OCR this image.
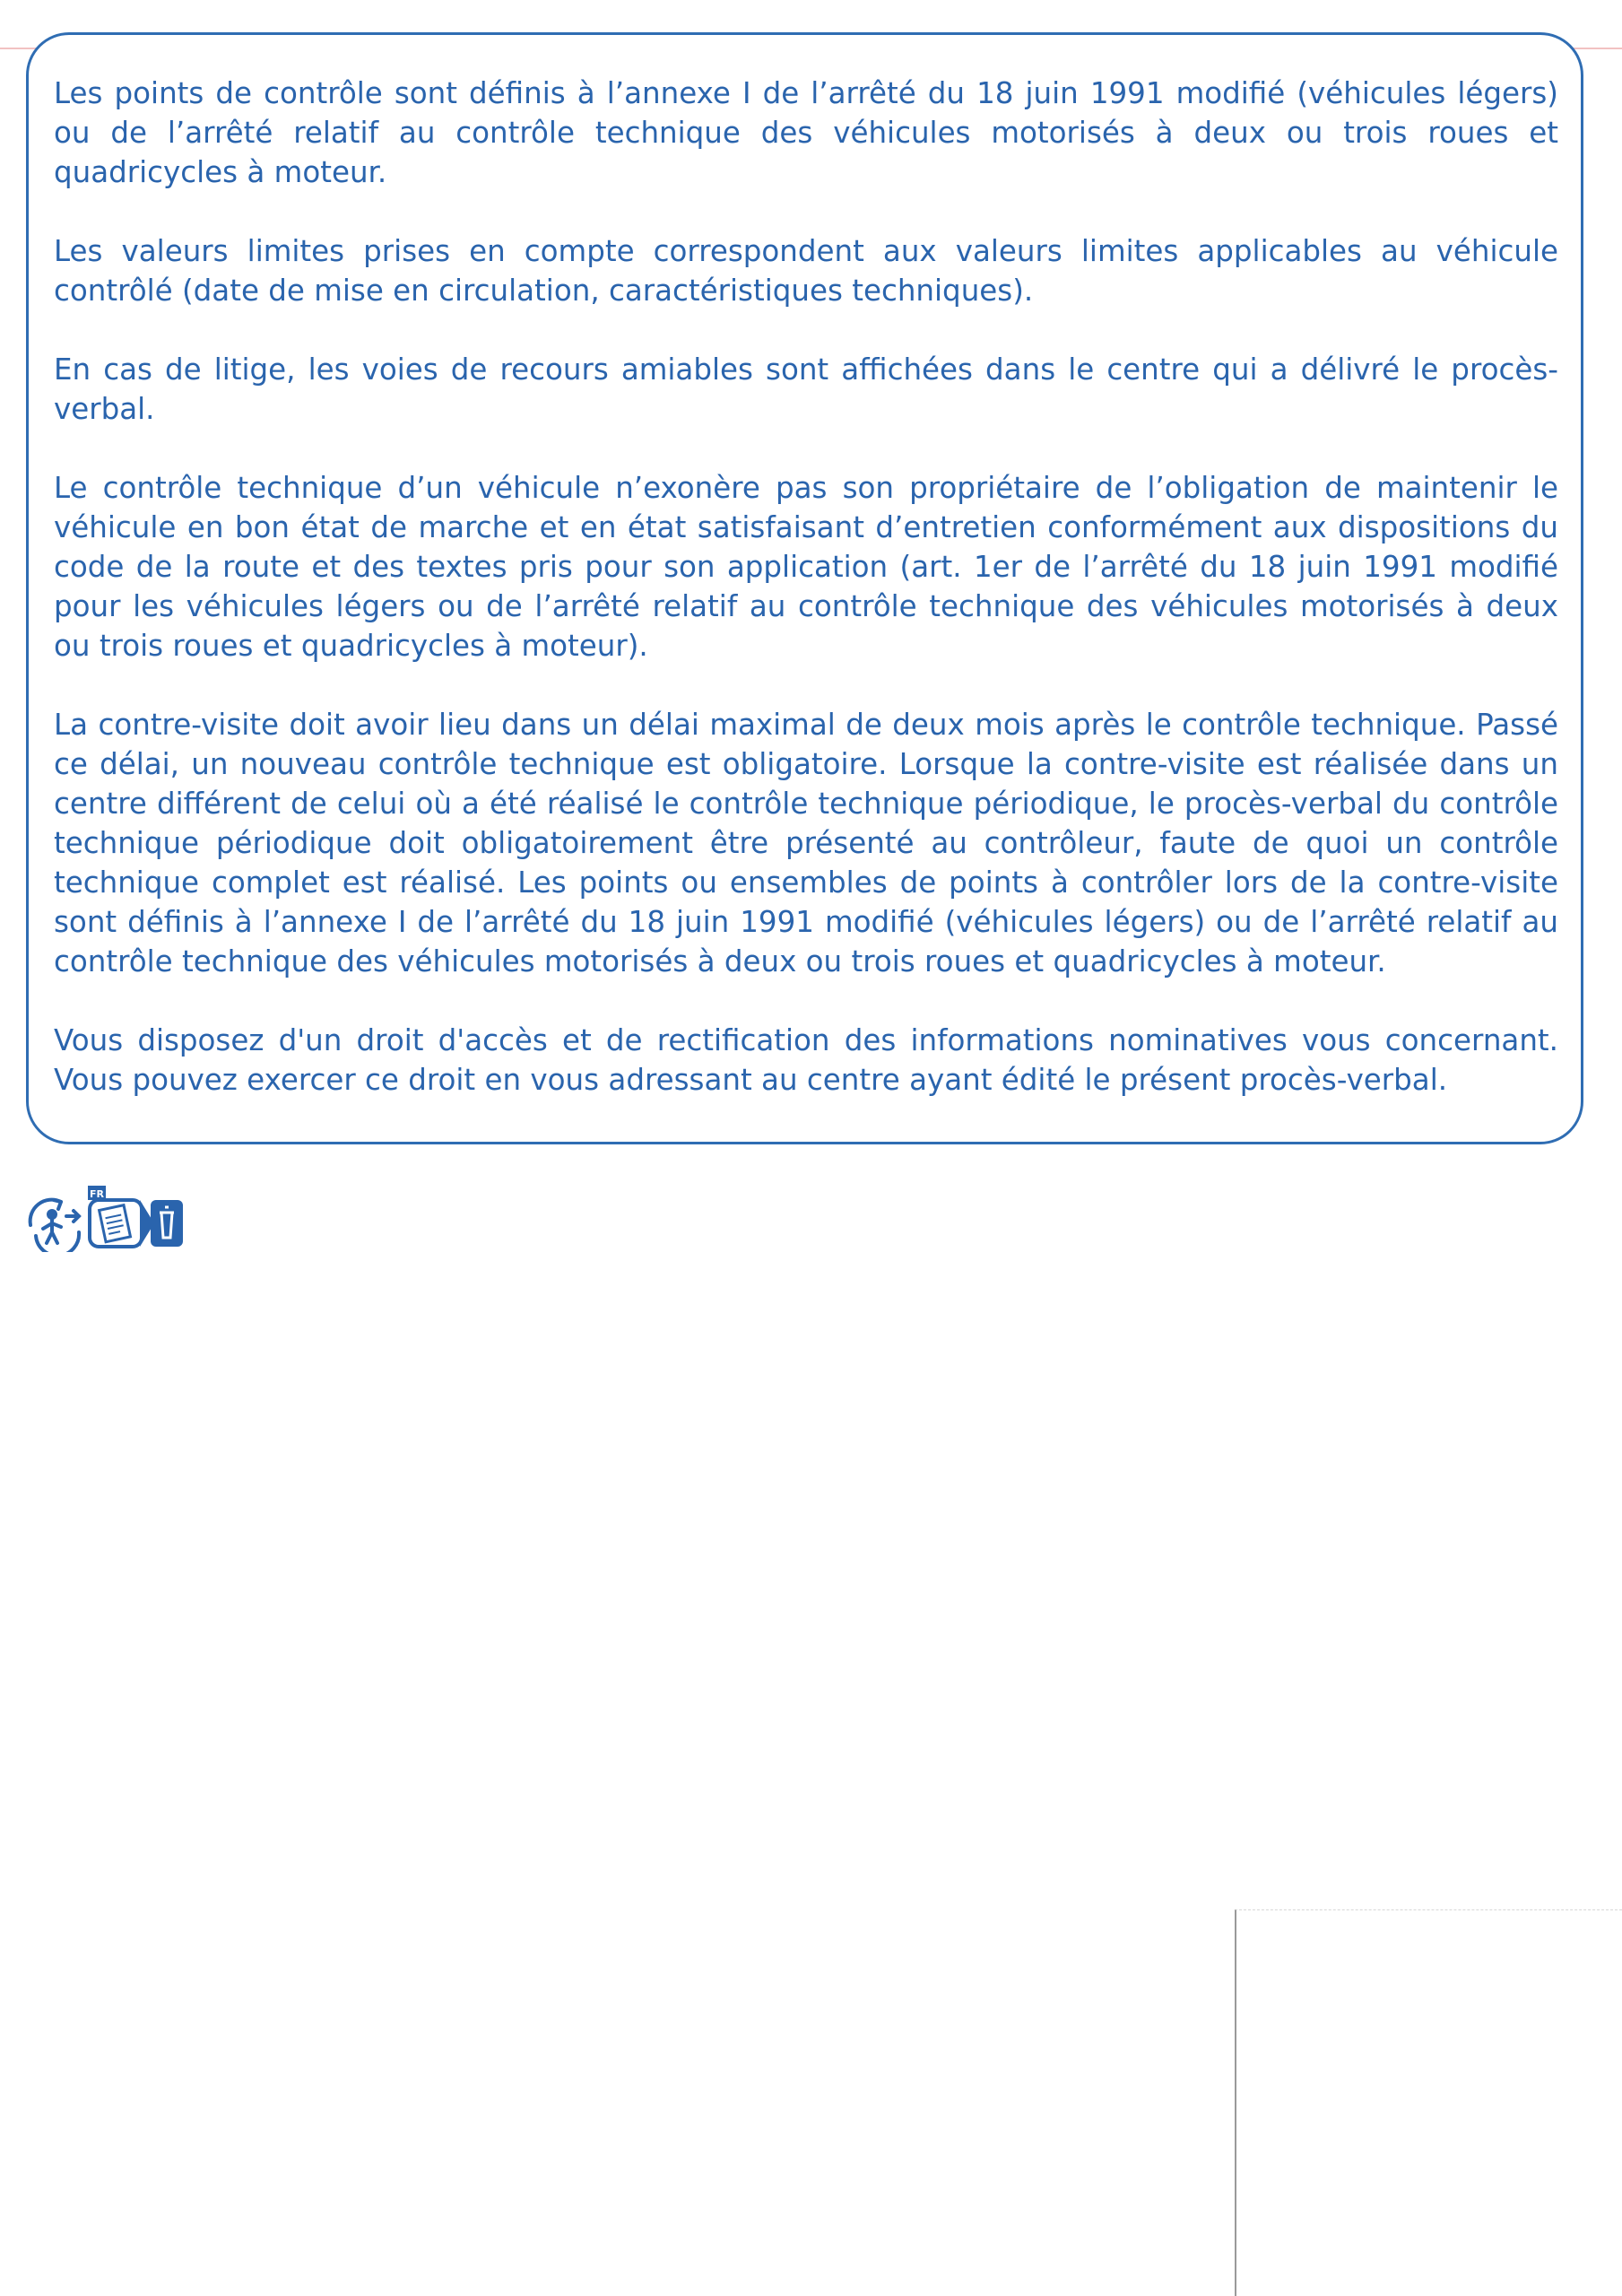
Les points de contrôle sont définis à l’annexe I de l’arrêté du 18 juin 1991 modifié (véhicules légers) ou de l’arrêté relatif au contrôle technique des véhicules motorisés à deux ou trois roues et quadricycles à moteur.

Les valeurs limites prises en compte correspondent aux valeurs limites applicables au véhicule contrôlé (date de mise en circulation, caractéristiques techniques).

En cas de litige, les voies de recours amiables sont affichées dans le centre qui a délivré le procès-verbal.

Le contrôle technique d’un véhicule n’exonère pas son propriétaire de l’obligation de maintenir le véhicule en bon état de marche et en état satisfaisant d’entretien conformément aux dispositions du code de la route et des textes pris pour son application (art. 1er de l’arrêté du 18 juin 1991 modifié pour les véhicules légers ou de l’arrêté relatif au contrôle technique des véhicules motorisés à deux ou trois roues et quadricycles à moteur).

La contre-visite doit avoir lieu dans un délai maximal de deux mois après le contrôle technique. Passé ce délai, un nouveau contrôle technique est obligatoire. Lorsque la contre-visite est réalisée dans un centre différent de celui où a été réalisé le contrôle technique périodique, le procès-verbal du contrôle technique périodique doit obligatoirement être présenté au contrôleur, faute de quoi un contrôle technique complet est réalisé. Les points ou ensembles de points à contrôler lors de la contre-visite sont définis à l’annexe I de l’arrêté du 18 juin 1991 modifié (véhicules légers) ou de l’arrêté relatif au contrôle technique des véhicules motorisés à deux ou trois roues et quadricycles à moteur.

Vous disposez d'un droit d'accès et de rectification des informations nominatives vous concernant. Vous pouvez exercer ce droit en vous adressant au centre ayant édité le présent procès-verbal.

FR
